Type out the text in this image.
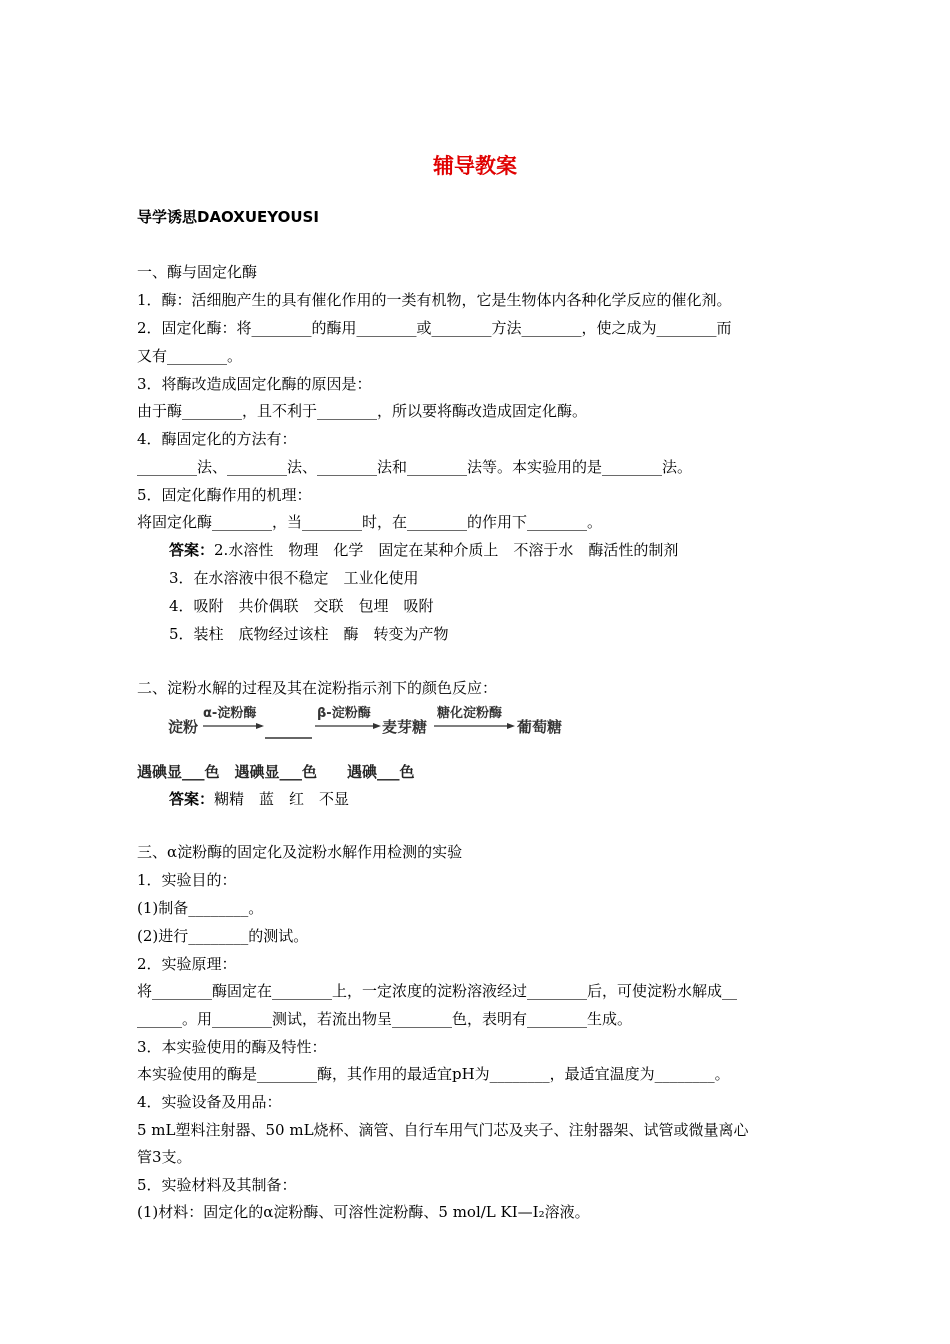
辅导教案
导学诱思DAOXUEYOUSI
一、酶与固定化酶
1．酶：活细胞产生的具有催化作用的一类有机物，它是生物体内各种化学反应的催化剂。
2．固定化酶：将________的酶用________或________方法________，使之成为________而
又有________。
3．将酶改造成固定化酶的原因是：
由于酶________，且不利于________，所以要将酶改造成固定化酶。
4．酶固定化的方法有：
________法、________法、________法和________法等。本实验用的是________法。
5．固定化酶作用的机理：
将固定化酶________，当________时，在________的作用下________。
答案：2.水溶性　物理　化学　固定在某种介质上　不溶于水　酶活性的制剂
3．在水溶液中很不稳定　工业化使用
4．吸附　共价偶联　交联　包埋　吸附
5．装柱　底物经过该柱　酶　转变为产物
二、淀粉水解的过程及其在淀粉指示剂下的颜色反应：
淀粉
α-淀粉酶	β-淀粉酶
麦芽糖
糖化淀粉酶
葡萄糖
遇碘显___色　遇碘显___色　　遇碘___色
答案：糊精　蓝　红　不显
三、α淀粉酶的固定化及淀粉水解作用检测的实验
1．实验目的：
(1)制备________。
(2)进行________的测试。
2．实验原理：
将________酶固定在________上，一定浓度的淀粉溶液经过________后，可使淀粉水解成__
______。用________测试，若流出物呈________色，表明有________生成。
3．本实验使用的酶及特性：
本实验使用的酶是________酶，其作用的最适宜pH为________，最适宜温度为________。
4．实验设备及用品：
5 mL塑料注射器、50 mL烧杯、滴管、自行车用气门芯及夹子、注射器架、试管或微量离心
管3支。
5．实验材料及其制备：
(1)材料：固定化的α淀粉酶、可溶性淀粉酶、5 mol/L KI—I₂溶液。
